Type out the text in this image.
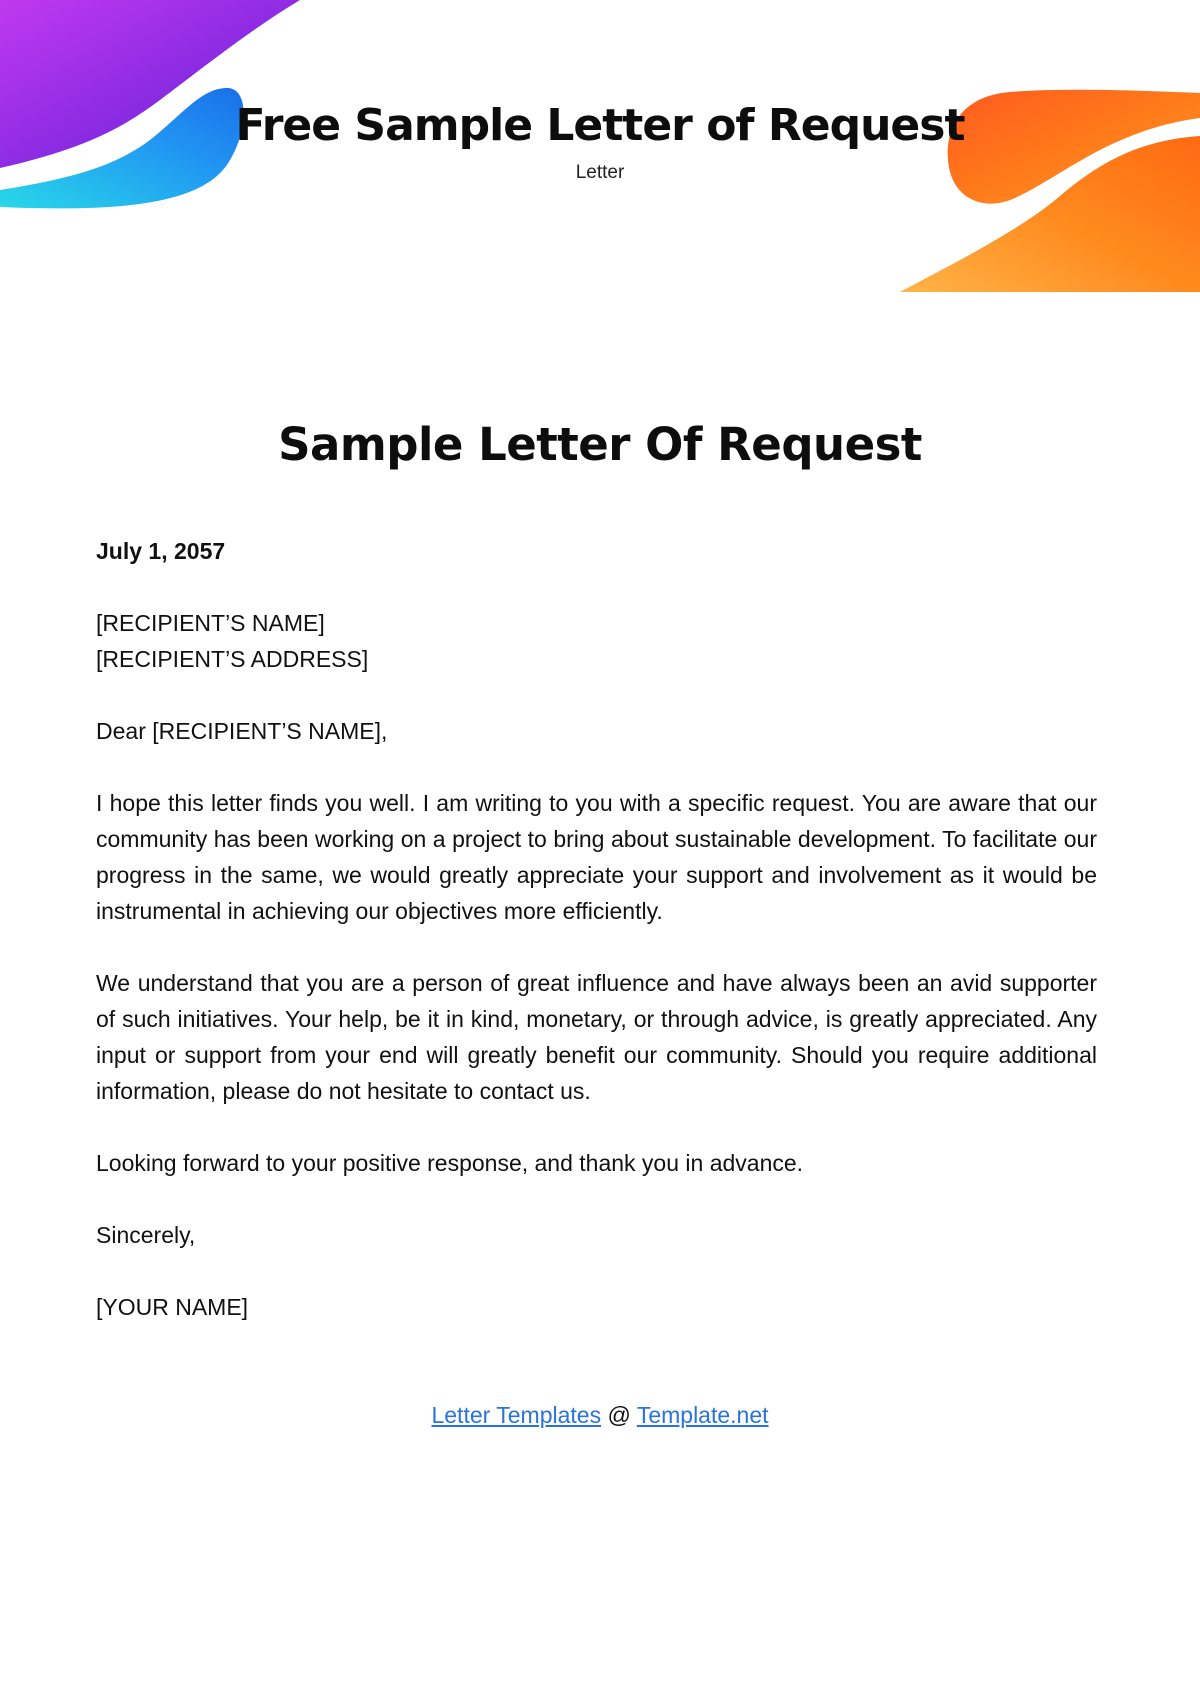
Free Sample Letter of Request
Letter
Sample Letter Of Request

July 1, 2057

[RECIPIENT’S NAME]

[RECIPIENT’S ADDRESS]

Dear [RECIPIENT’S NAME],

I hope this letter finds you well. I am writing to you with a specific request. You are aware that our community has been working on a project to bring about sustainable development. To facilitate our progress in the same, we would greatly appreciate your support and involvement as it would be instrumental in achieving our objectives more efficiently.

We understand that you are a person of great influence and have always been an avid supporter of such initiatives. Your help, be it in kind, monetary, or through advice, is greatly appreciated. Any input or support from your end will greatly benefit our community. Should you require additional information, please do not hesitate to contact us.

Looking forward to your positive response, and thank you in advance.

Sincerely,

[YOUR NAME]

Letter Templates @ Template.net
